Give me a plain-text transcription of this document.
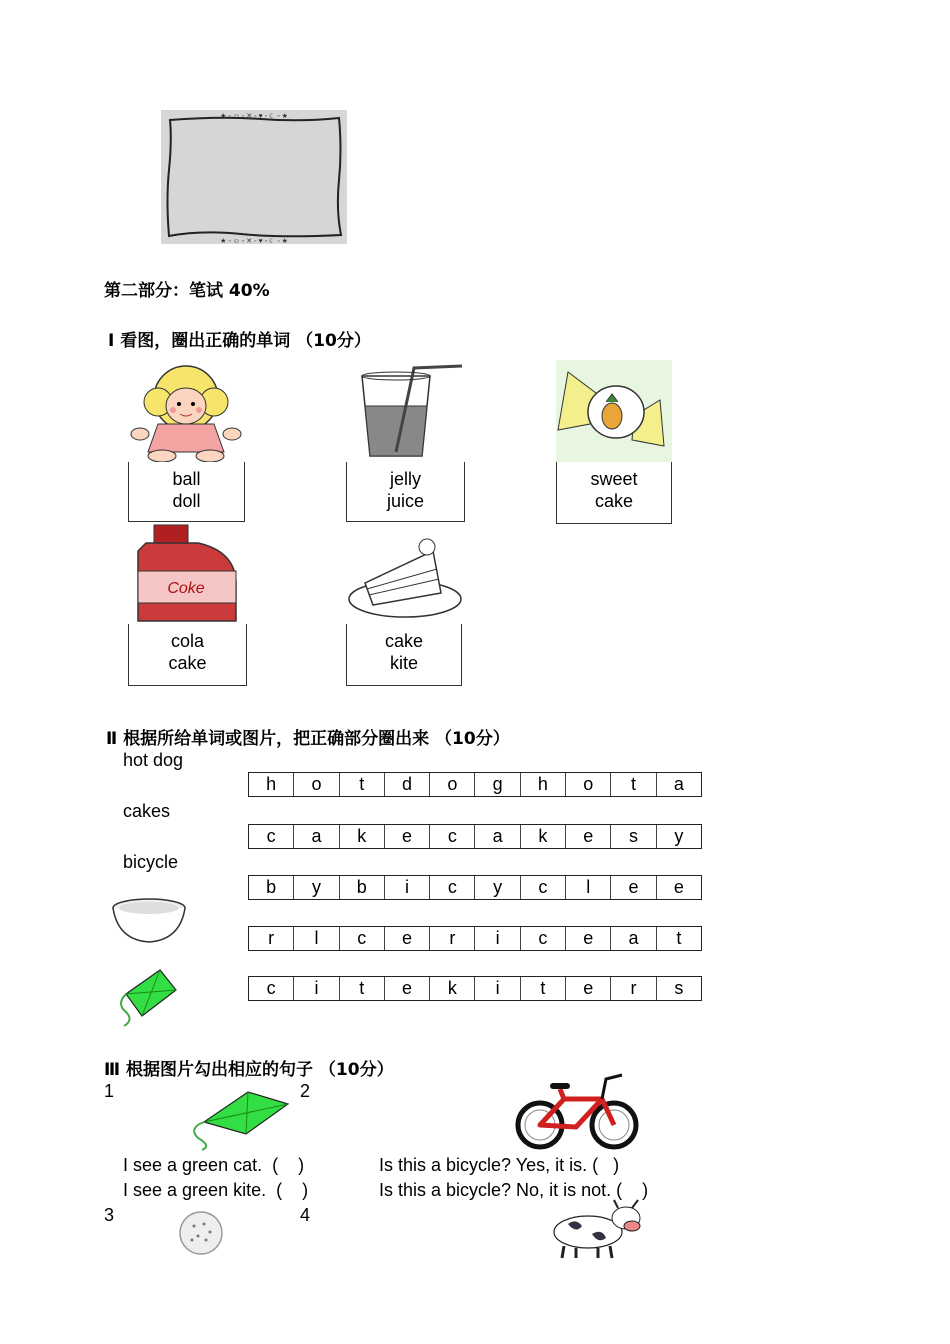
★ ◦ ☺ ◦ ✕ ◦ ♥ ◦ ☾ ◦ ★
★ ◦ ☺ ◦ ✕ ◦ ♥ ◦ ☾ ◦ ★
第二部分：笔试 40%
Ⅰ 看图，圈出正确的单词 （10分）
Coke
ball
doll
jelly
juice
sweet
cake
cola
cake
cake
kite
Ⅱ 根据所给单词或图片，把正确部分圈出来 （10分）
hot dog
cakes
bicycle
h	o	t	d	o	g	h	o	t	a
c	a	k	e	c	a	k	e	s	y
b	y	b	i	c	y	c	l	e	e
r	l	c	e	r	i	c	e	a	t
c	i	t	e	k	i	t	e	r	s
Ⅲ 根据图片勾出相应的句子 （10分）
1	2
I see a green cat.  (    )
I see a green kite.  (    )
Is this a bicycle? Yes, it is. (   )
Is this a bicycle? No, it is not. (    )
3	4
